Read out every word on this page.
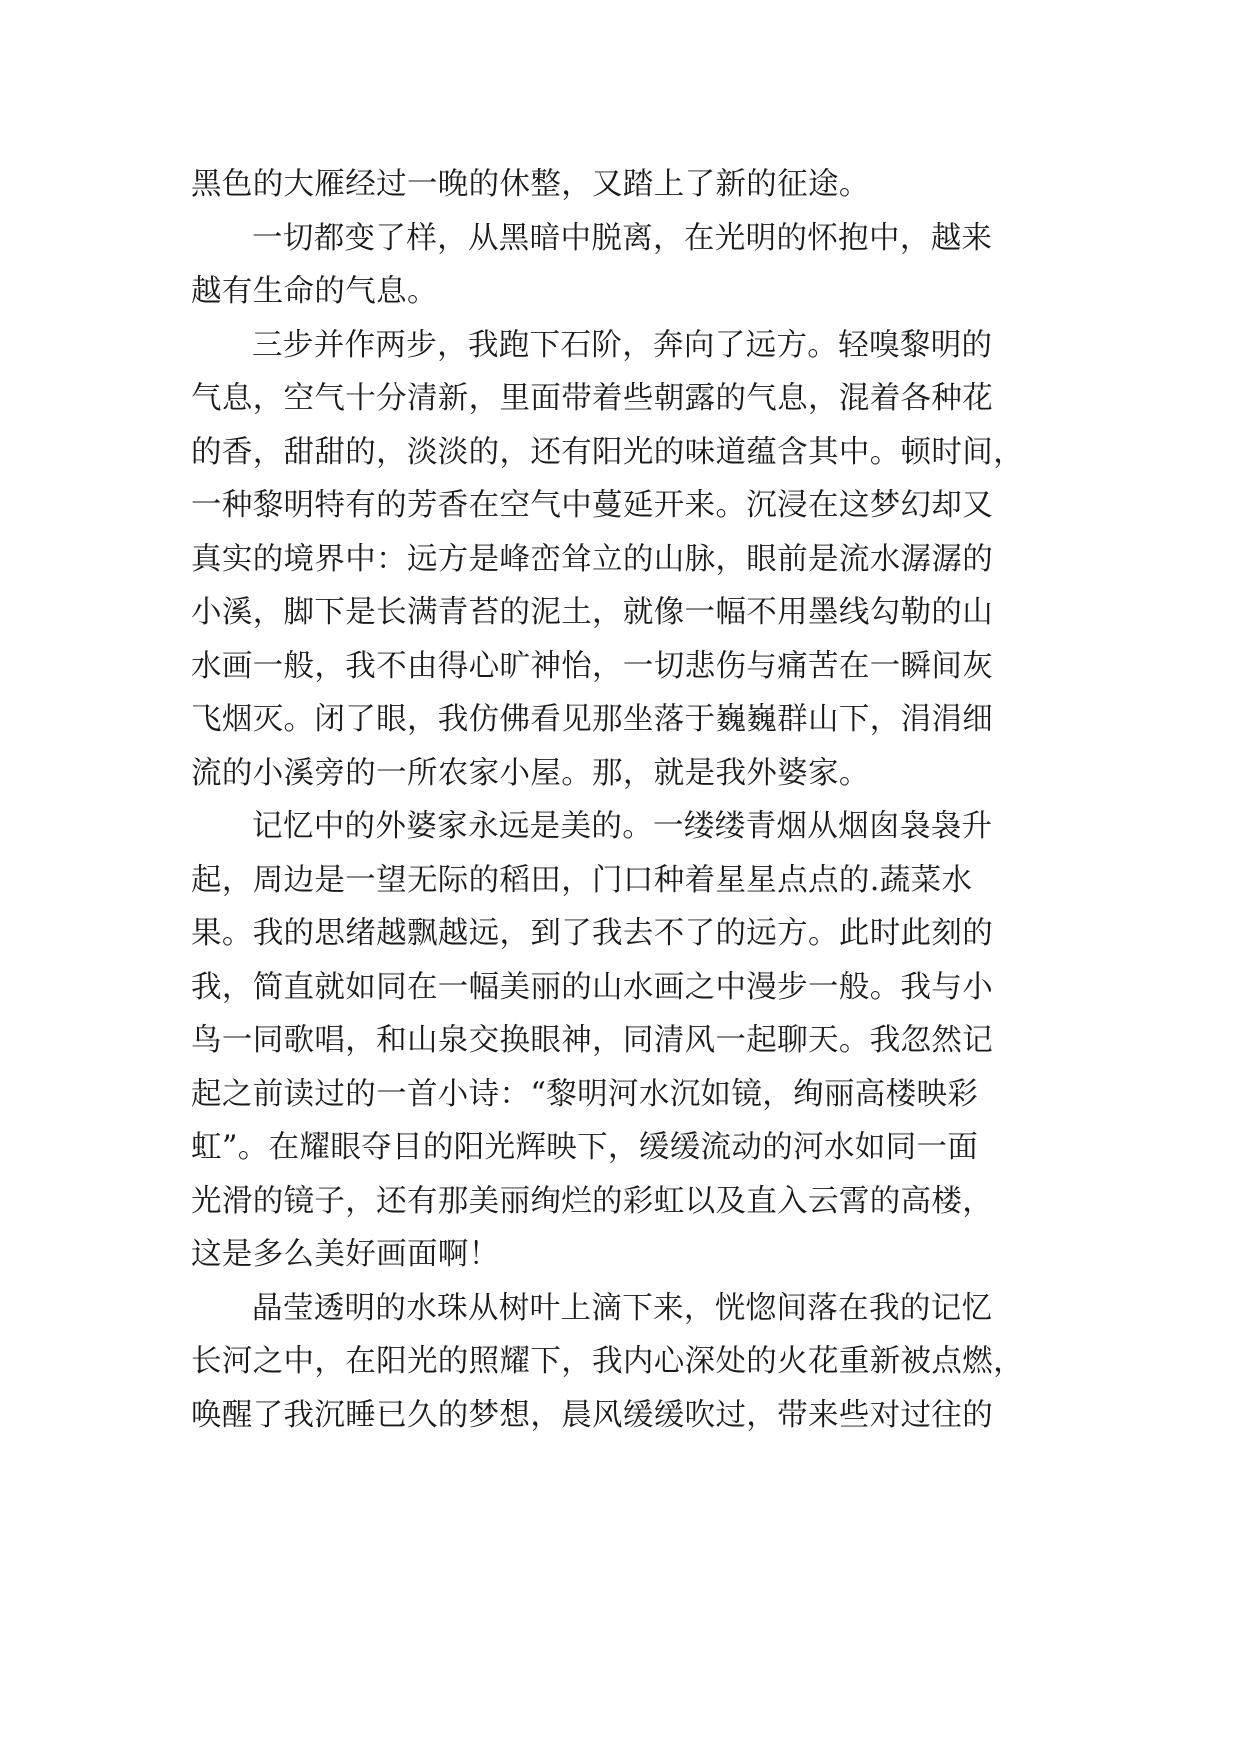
黑色的大雁经过一晚的休整，又踏上了新的征途。
一切都变了样，从黑暗中脱离，在光明的怀抱中，越来
越有生命的气息。
三步并作两步，我跑下石阶，奔向了远方。轻嗅黎明的
气息，空气十分清新，里面带着些朝露的气息，混着各种花
的香，甜甜的，淡淡的，还有阳光的味道蕴含其中。顿时间，
一种黎明特有的芳香在空气中蔓延开来。沉浸在这梦幻却又
真实的境界中：远方是峰峦耸立的山脉，眼前是流水潺潺的
小溪，脚下是长满青苔的泥土，就像一幅不用墨线勾勒的山
水画一般，我不由得心旷神怡，一切悲伤与痛苦在一瞬间灰
飞烟灭。闭了眼，我仿佛看见那坐落于巍巍群山下，涓涓细
流的小溪旁的一所农家小屋。那，就是我外婆家。
记忆中的外婆家永远是美的。一缕缕青烟从烟囱袅袅升
起，周边是一望无际的稻田，门口种着星星点点的.蔬菜水
果。我的思绪越飘越远，到了我去不了的远方。此时此刻的
我，简直就如同在一幅美丽的山水画之中漫步一般。我与小
鸟一同歌唱，和山泉交换眼神，同清风一起聊天。我忽然记
起之前读过的一首小诗：“黎明河水沉如镜，绚丽高楼映彩
虹”。在耀眼夺目的阳光辉映下，缓缓流动的河水如同一面
光滑的镜子，还有那美丽绚烂的彩虹以及直入云霄的高楼，
这是多么美好画面啊！
晶莹透明的水珠从树叶上滴下来，恍惚间落在我的记忆
长河之中，在阳光的照耀下，我内心深处的火花重新被点燃，
唤醒了我沉睡已久的梦想，晨风缓缓吹过，带来些对过往的
